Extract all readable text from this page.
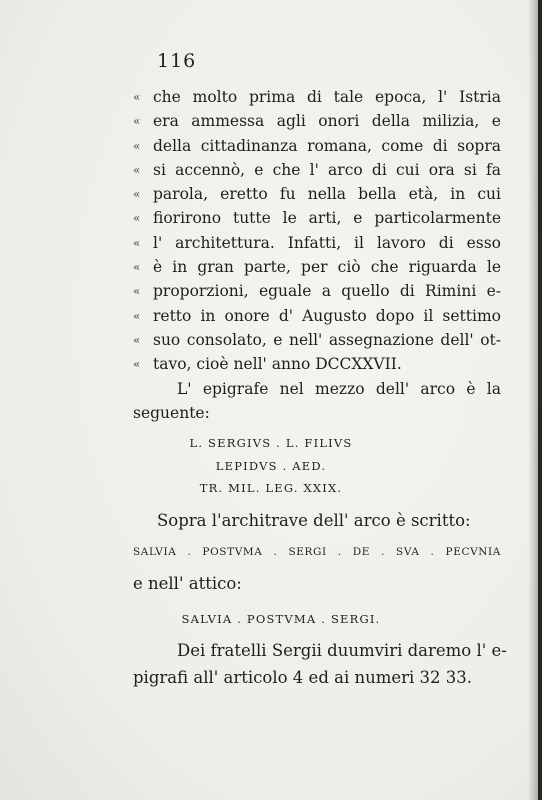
116
« che molto prima di tale epoca, l' Istria
« era ammessa agli onori della milizia, e
« della cittadinanza romana, come di sopra
« si accennò, e che l' arco di cui ora si fa
« parola, eretto fu nella bella età, in cui
« fiorirono tutte le arti, e particolarmente
« l' architettura. Infatti, il lavoro di esso
« è in gran parte, per ciò che riguarda le
« proporzioni, eguale a quello di Rimini e-
« retto in onore d' Augusto dopo il settimo
« suo consolato, e nell' assegnazione dell' ot-
« tavo, cioè nell' anno DCCXXVII.
L' epigrafe nel mezzo dell' arco è la
seguente:
L. SERGIVS . L. FILIVS
LEPIDVS . AED.
TR. MIL. LEG. XXIX.
Sopra l'architrave dell' arco è scritto:
SALVIA . POSTVMA . SERGI . DE . SVA . PECVNIA
e nell' attico:
SALVIA . POSTVMA . SERGI.
Dei fratelli Sergii duumviri daremo l' e-
pigrafi all' articolo 4 ed ai numeri 32 33.
